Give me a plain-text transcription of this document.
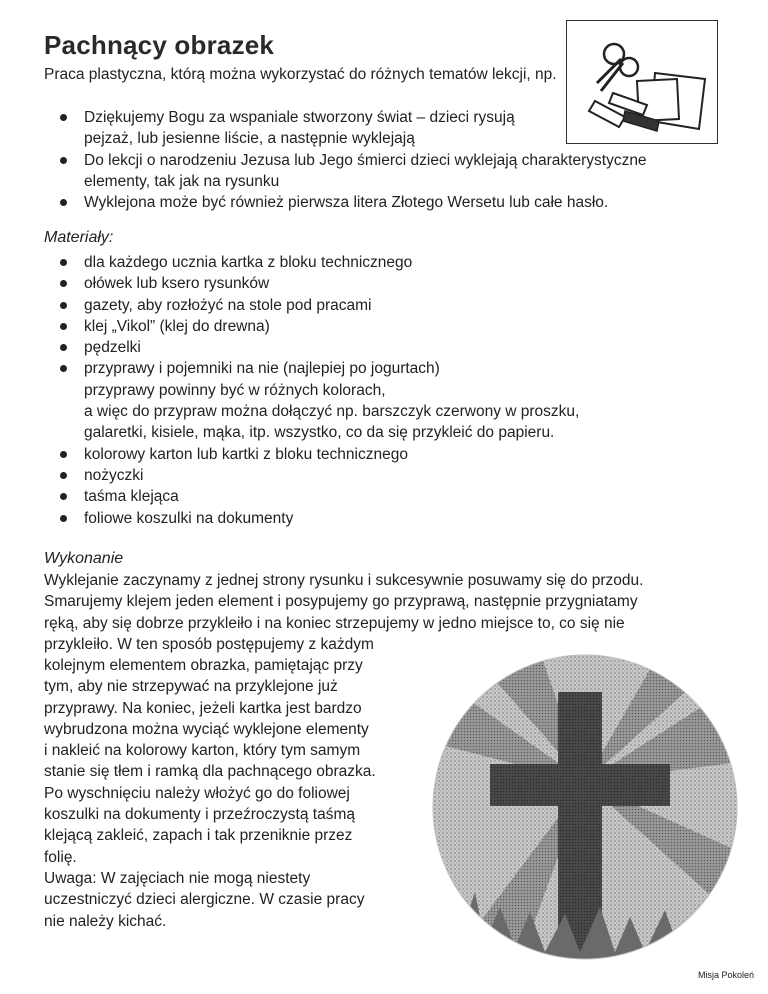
Pachnący obrazek
Praca plastyczna, którą można wykorzystać do różnych tematów lekcji, np.
Dziękujemy Bogu za wspaniale stworzony świat – dzieci rysują pejzaż, lub jesienne liście, a następnie wyklejają
Do lekcji o narodzeniu Jezusa lub Jego śmierci dzieci wyklejają charakterystyczne elementy, tak jak na rysunku
Wyklejona może być również pierwsza litera Złotego Wersetu lub całe hasło.
Materiały:
dla każdego ucznia kartka z bloku technicznego
ołówek lub ksero rysunków
gazety, aby rozłożyć na stole pod pracami
klej „Vikol” (klej do drewna)
pędzelki
przyprawy i pojemniki na nie (najlepiej po jogurtach)
przyprawy powinny być w różnych kolorach,
a więc do przypraw można dołączyć np. barszczyk czerwony w proszku,
galaretki, kisiele, mąka, itp. wszystko, co da się przykleić do papieru.
kolorowy karton lub kartki z bloku technicznego
nożyczki
taśma klejąca
foliowe koszulki na dokumenty
Wykonanie
Wyklejanie zaczynamy z jednej strony rysunku i sukcesywnie posuwamy się do przodu.
Smarujemy klejem jeden element i posypujemy go przyprawą, następnie przygniatamy
ręką, aby się dobrze przykleiło i na koniec strzepujemy w jedno miejsce to, co się nie
przykleiło. W ten sposób postępujemy z każdym
kolejnym elementem obrazka, pamiętając przy
tym, aby nie strzepywać na przyklejone już
przyprawy. Na koniec, jeżeli kartka jest bardzo
wybrudzona można wyciąć wyklejone elementy
i nakleić na kolorowy karton, który tym samym
stanie się tłem i ramką dla pachnącego obrazka.
Po wyschnięciu należy włożyć go do foliowej
koszulki na dokumenty i przeźroczystą taśmą
klejącą zakleić, zapach i tak przeniknie przez
folię.
Uwaga: W zajęciach nie mogą niestety
uczestniczyć dzieci alergiczne. W czasie pracy
nie należy kichać.
Misja Pokoleń
